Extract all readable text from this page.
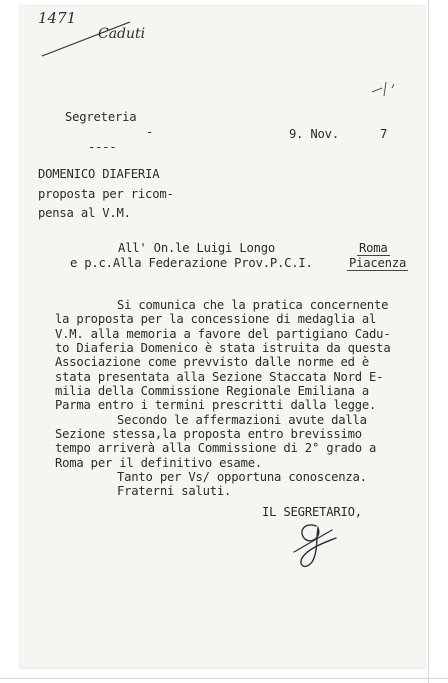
1471
Caduti
Segreteria
-
----
9. Nov.	7
DOMENICO DIAFERIA
proposta per ricom-
pensa al V.M.
All' On.le Luigi Longo	Roma
e p.c.Alla Federazione Prov.P.C.I.	Piacenza
Si comunica che la pratica concernente
la proposta per la concessione di medaglia al
V.M. alla memoria a favore del partigiano Cadu-
to Diaferia Domenico è stata istruita da questa
Associazione come prevvisto dalle norme ed è
stata presentata alla Sezione Staccata Nord E-
milia della Commissione Regionale Emiliana a
Parma entro i termini prescritti dalla legge.
Secondo le affermazioni avute dalla
Sezione stessa,la proposta entro brevissimo
tempo arriverà alla Commissione di 2° grado a
Roma per il definitivo esame.
Tanto per Vs/ opportuna conoscenza.
Fraterni saluti.
IL SEGRETARIO,
